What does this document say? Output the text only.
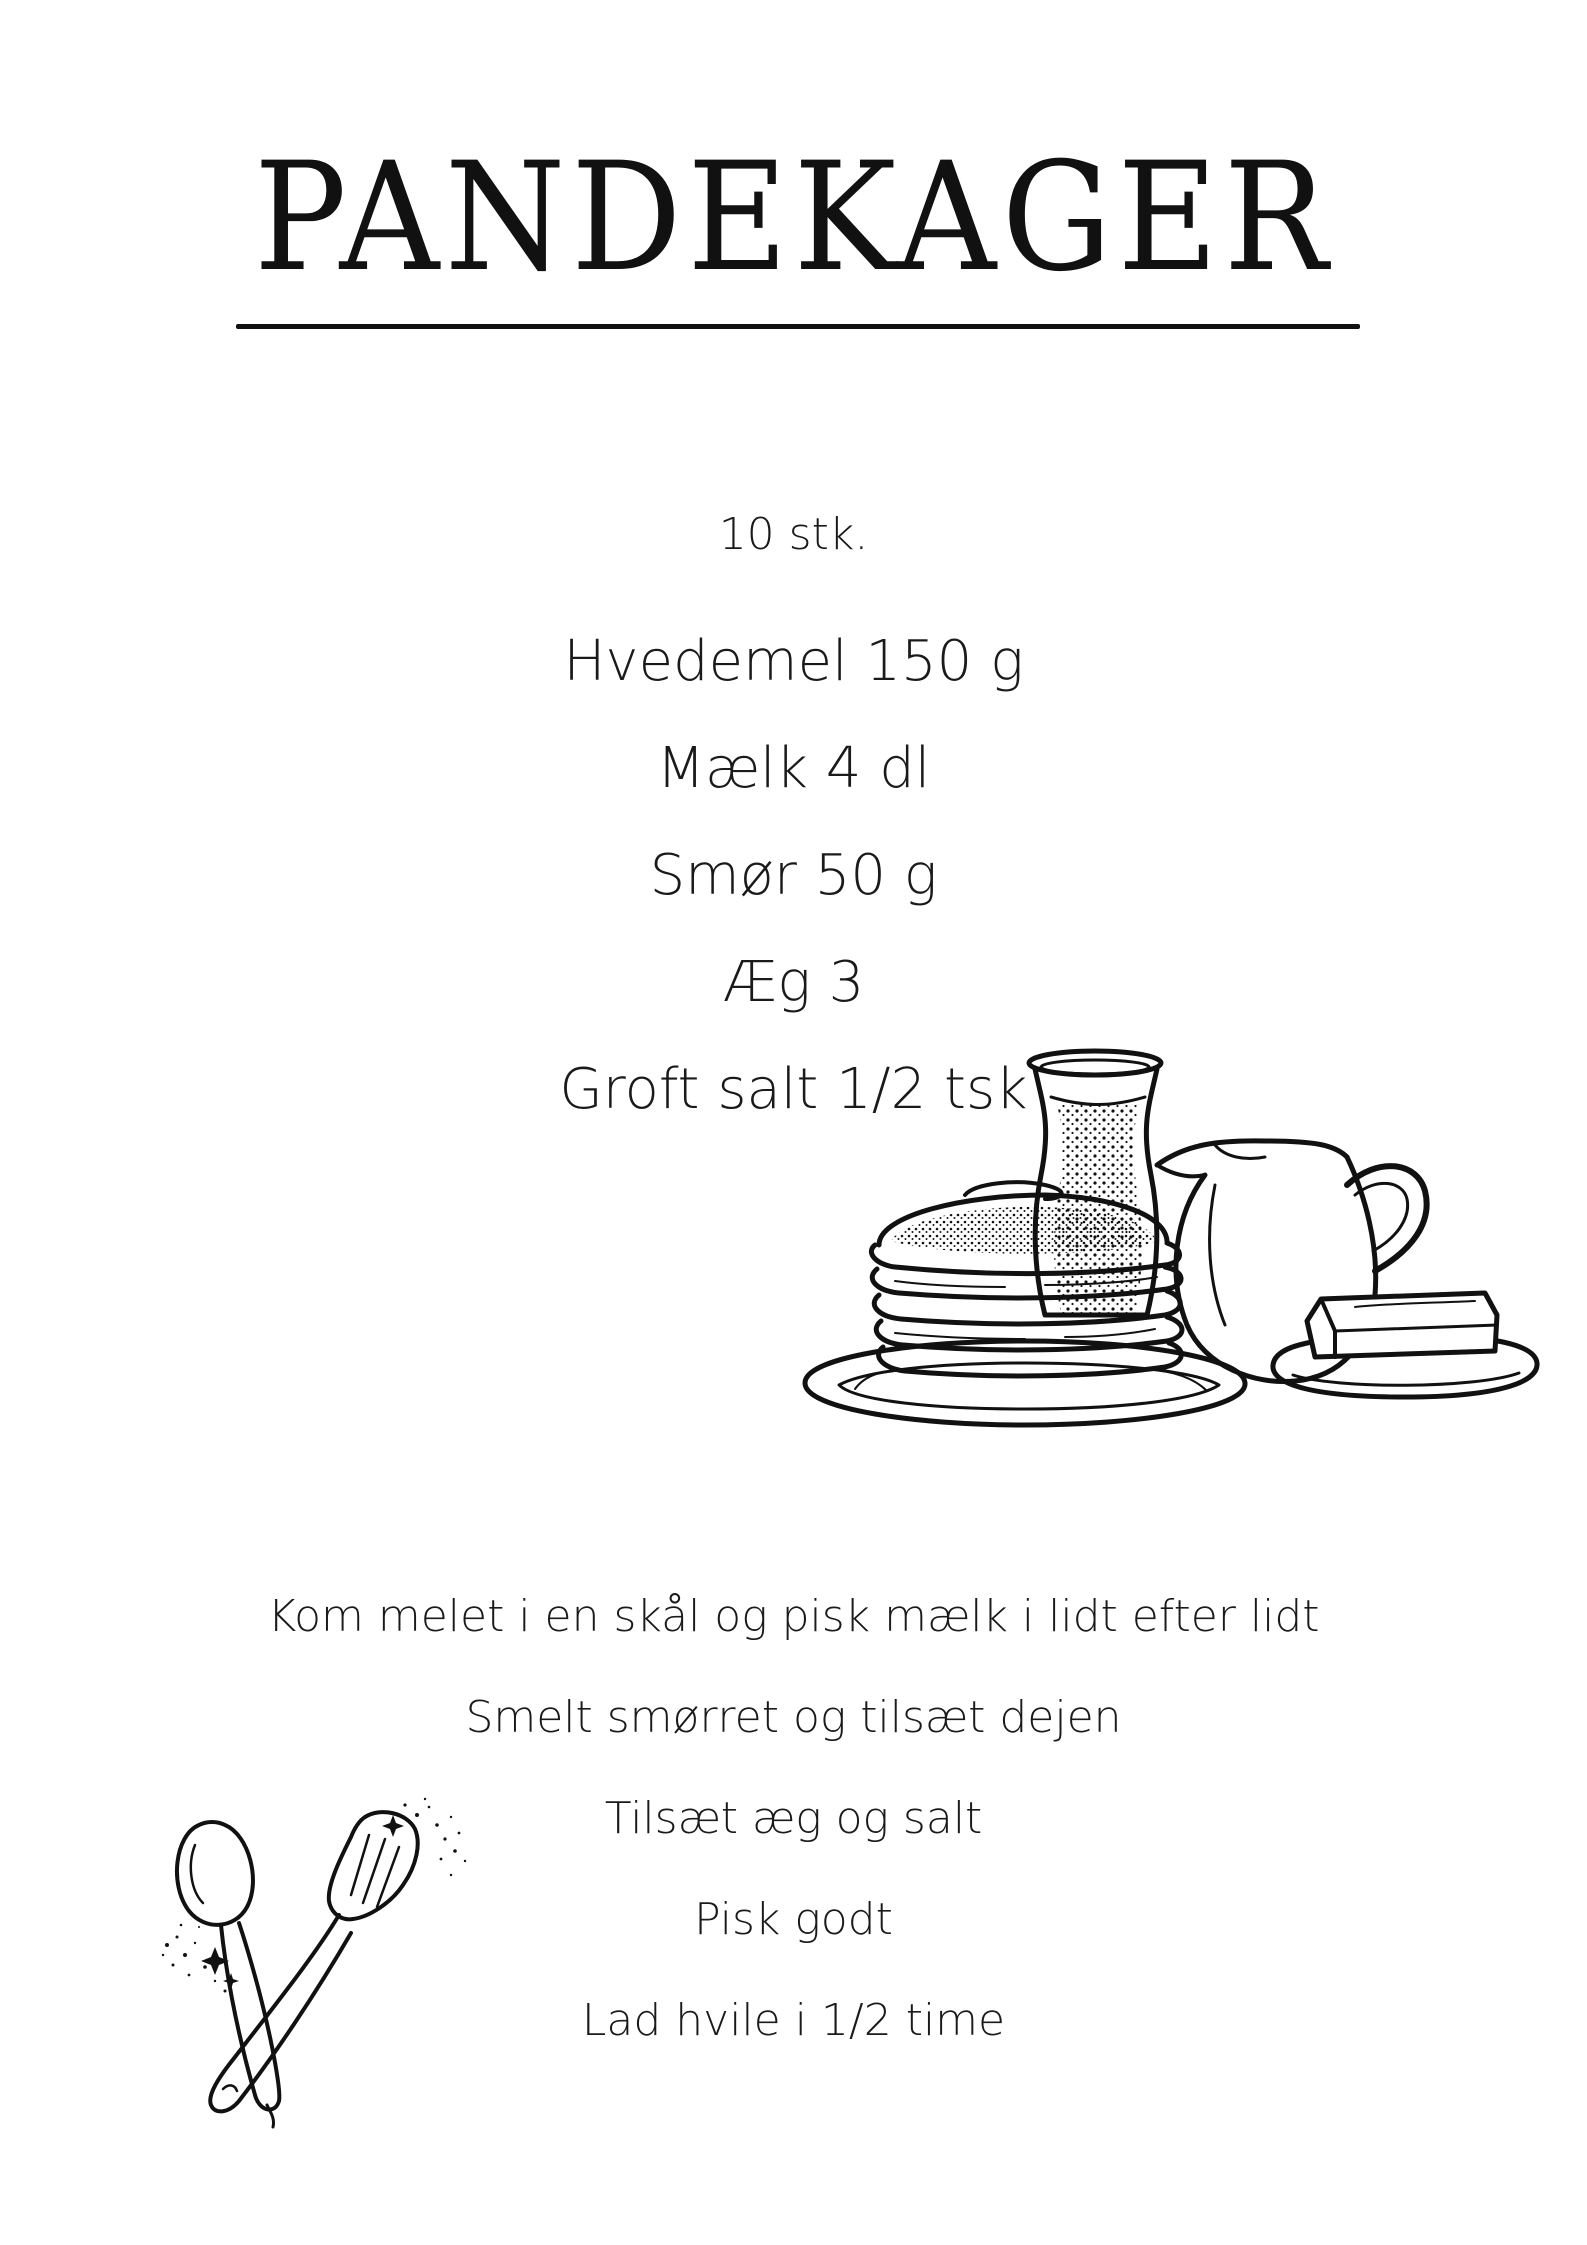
PANDEKAGER
10 stk.
Hvedemel 150 g
Mælk 4 dl
Smør 50 g
Æg 3
Groft salt 1/2 tsk
Kom melet i en skål og pisk mælk i lidt efter lidt
Smelt smørret og tilsæt dejen
Tilsæt æg og salt
Pisk godt
Lad hvile i 1/2 time
